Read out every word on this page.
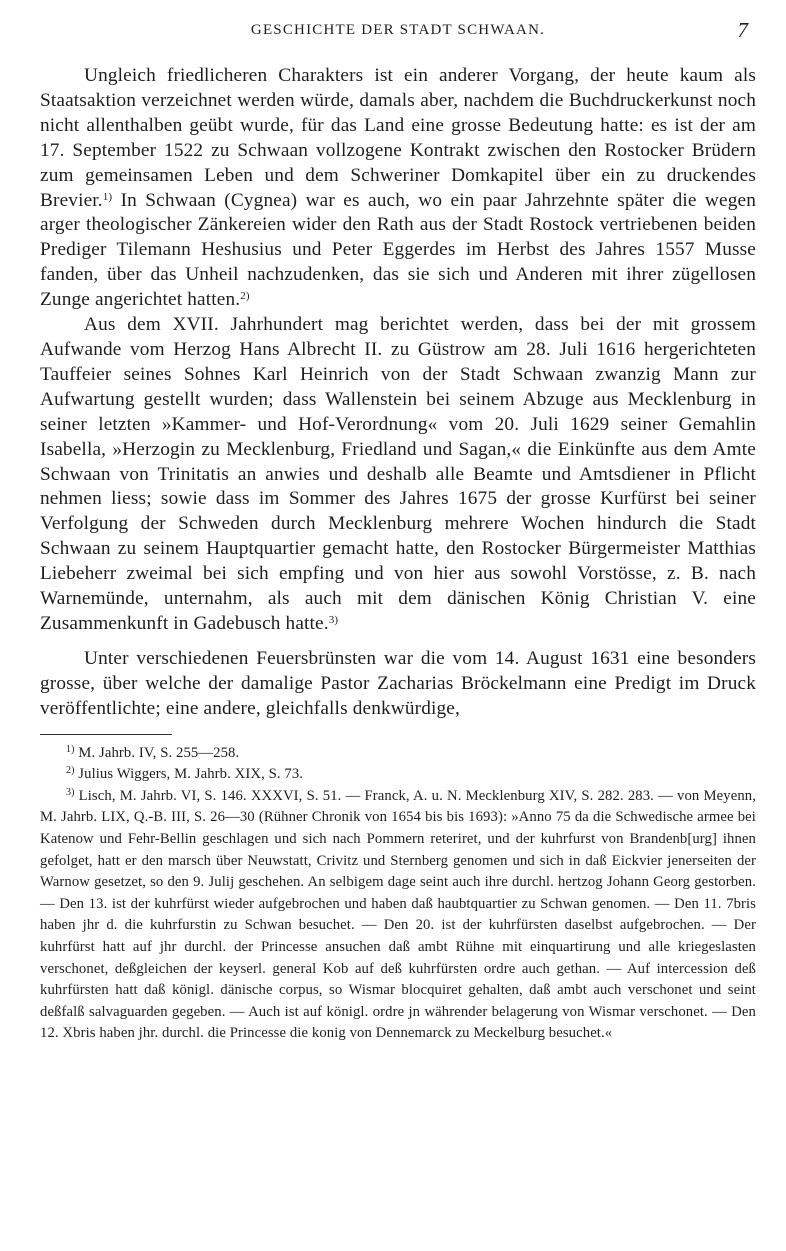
GESCHICHTE DER STADT SCHWAAN.	7

Ungleich friedlicheren Charakters ist ein anderer Vorgang, der heute kaum als Staatsaktion verzeichnet werden würde, damals aber, nachdem die Buchdruckerkunst noch nicht allenthalben geübt wurde, für das Land eine grosse Bedeutung hatte: es ist der am 17. September 1522 zu Schwaan vollzogene Kontrakt zwischen den Rostocker Brüdern zum gemeinsamen Leben und dem Schweriner Domkapitel über ein zu druckendes Brevier.$^{1)}$ In Schwaan (Cygnea) war es auch, wo ein paar Jahrzehnte später die wegen arger theologischer Zänkereien wider den Rath aus der Stadt Rostock vertriebenen beiden Prediger Tilemann Heshusius und Peter Eggerdes im Herbst des Jahres 1557 Musse fanden, über das Unheil nachzudenken, das sie sich und Anderen mit ihrer zügellosen Zunge angerichtet hatten.$^{2)}$

Aus dem XVII. Jahrhundert mag berichtet werden, dass bei der mit grossem Aufwande vom Herzog Hans Albrecht II. zu Güstrow am 28. Juli 1616 hergerichteten Tauffeier seines Sohnes Karl Heinrich von der Stadt Schwaan zwanzig Mann zur Aufwartung gestellt wurden; dass Wallenstein bei seinem Abzuge aus Mecklenburg in seiner letzten »Kammer- und Hof-Verordnung« vom 20. Juli 1629 seiner Gemahlin Isabella, »Herzogin zu Mecklenburg, Friedland und Sagan,« die Einkünfte aus dem Amte Schwaan von Trinitatis an anwies und deshalb alle Beamte und Amtsdiener in Pflicht nehmen liess; sowie dass im Sommer des Jahres 1675 der grosse Kurfürst bei seiner Verfolgung der Schweden durch Mecklenburg mehrere Wochen hindurch die Stadt Schwaan zu seinem Hauptquartier gemacht hatte, den Rostocker Bürgermeister Matthias Liebeherr zweimal bei sich empfing und von hier aus sowohl Vorstösse, z. B. nach Warnemünde, unternahm, als auch mit dem dänischen König Christian V. eine Zusammenkunft in Gadebusch hatte.$^{3)}$

Unter verschiedenen Feuersbrünsten war die vom 14. August 1631 eine besonders grosse, über welche der damalige Pastor Zacharias Bröckelmann eine Predigt im Druck veröffentlichte; eine andere, gleichfalls denkwürdige,

$^{1)}$ M. Jahrb. IV, S. 255—258.

$^{2)}$ Julius Wiggers, M. Jahrb. XIX, S. 73.

$^{3)}$ Lisch, M. Jahrb. VI, S. 146. XXXVI, S. 51. — Franck, A. u. N. Mecklenburg XIV, S. 282. 283. — von Meyenn, M. Jahrb. LIX, Q.-B. III, S. 26—30 (Rühner Chronik von 1654 bis bis 1693): »Anno 75 da die Schwedische armee bei Katenow und Fehr-Bellin geschlagen und sich nach Pommern reteriret, und der kuhrfurst von Brandenb[urg] ihnen gefolget, hatt er den marsch über Neuwstatt, Crivitz und Sternberg genomen und sich in daß Eickvier jenerseiten der Warnow gesetzet, so den 9. Julij geschehen. An selbigem dage seint auch ihre durchl. hertzog Johann Georg gestorben. — Den 13. ist der kuhrfürst wieder aufgebrochen und haben daß haubtquartier zu Schwan genomen. — Den 11. 7bris haben jhr d. die kuhrfurstin zu Schwan besuchet. — Den 20. ist der kuhrfürsten daselbst aufgebrochen. — Der kuhrfürst hatt auf jhr durchl. der Princesse ansuchen daß ambt Rühne mit einquartirung und alle kriegeslasten verschonet, deßgleichen der keyserl. general Kob auf deß kuhrfürsten ordre auch gethan. — Auf intercession deß kuhrfürsten hatt daß königl. dänische corpus, so Wismar blocquiret gehalten, daß ambt auch verschonet und seint deßfalß salvaguarden gegeben. — Auch ist auf königl. ordre jn währender belagerung von Wismar verschonet. — Den 12. Xbris haben jhr. durchl. die Princesse die konig von Dennemarck zu Meckelburg besuchet.«
